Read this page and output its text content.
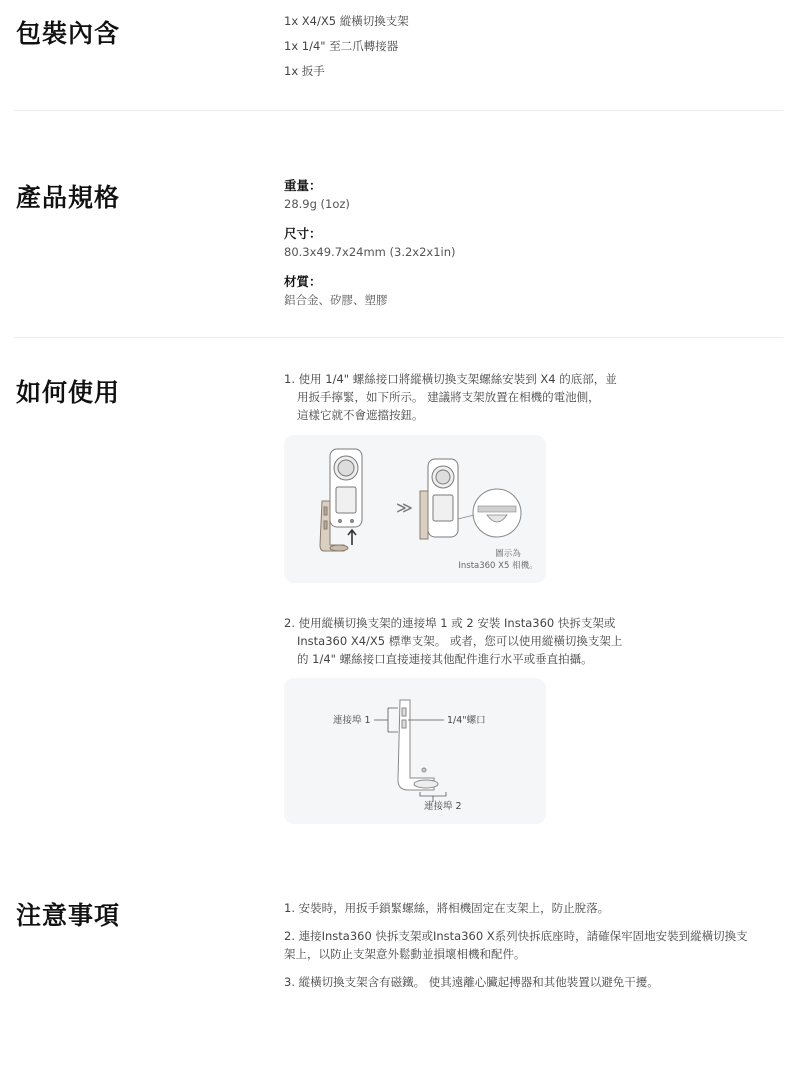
包裝內含	1x X4/X5 縱橫切換支架

1x 1/4" 至二爪轉接器

1x 扳手

產品規格	重量：

28.9g (1oz)

尺寸：

80.3x49.7x24mm (3.2x2x1in)

材質：

鋁合金、矽膠、塑膠

如何使用	1. 使用 1/4" 螺絲接口將縱橫切換支架螺絲安裝到 X4 的底部，並
用扳手擰緊，如下所示。 建議將支架放置在相機的電池側，
這樣它就不會遮擋按鈕。

≫
圖示為
Insta360 X5 相機。

2. 使用縱橫切換支架的連接埠 1 或 2 安裝 Insta360 快拆支架或
Insta360 X4/X5 標準支架。 或者，您可以使用縱橫切換支架上
的 1/4" 螺絲接口直接連接其他配件進行水平或垂直拍攝。

連接埠 1	1/4"螺口
連接埠 2
注意事項	1. 安裝時，用扳手鎖緊螺絲，將相機固定在支架上，防止脫落。

2. 連接Insta360 快拆支架或Insta360 X系列快拆底座時，請確保牢固地安裝到縱橫切換支
架上，以防止支架意外鬆動並損壞相機和配件。

3. 縱橫切換支架含有磁鐵。 使其遠離心臟起搏器和其他裝置以避免干擾。
